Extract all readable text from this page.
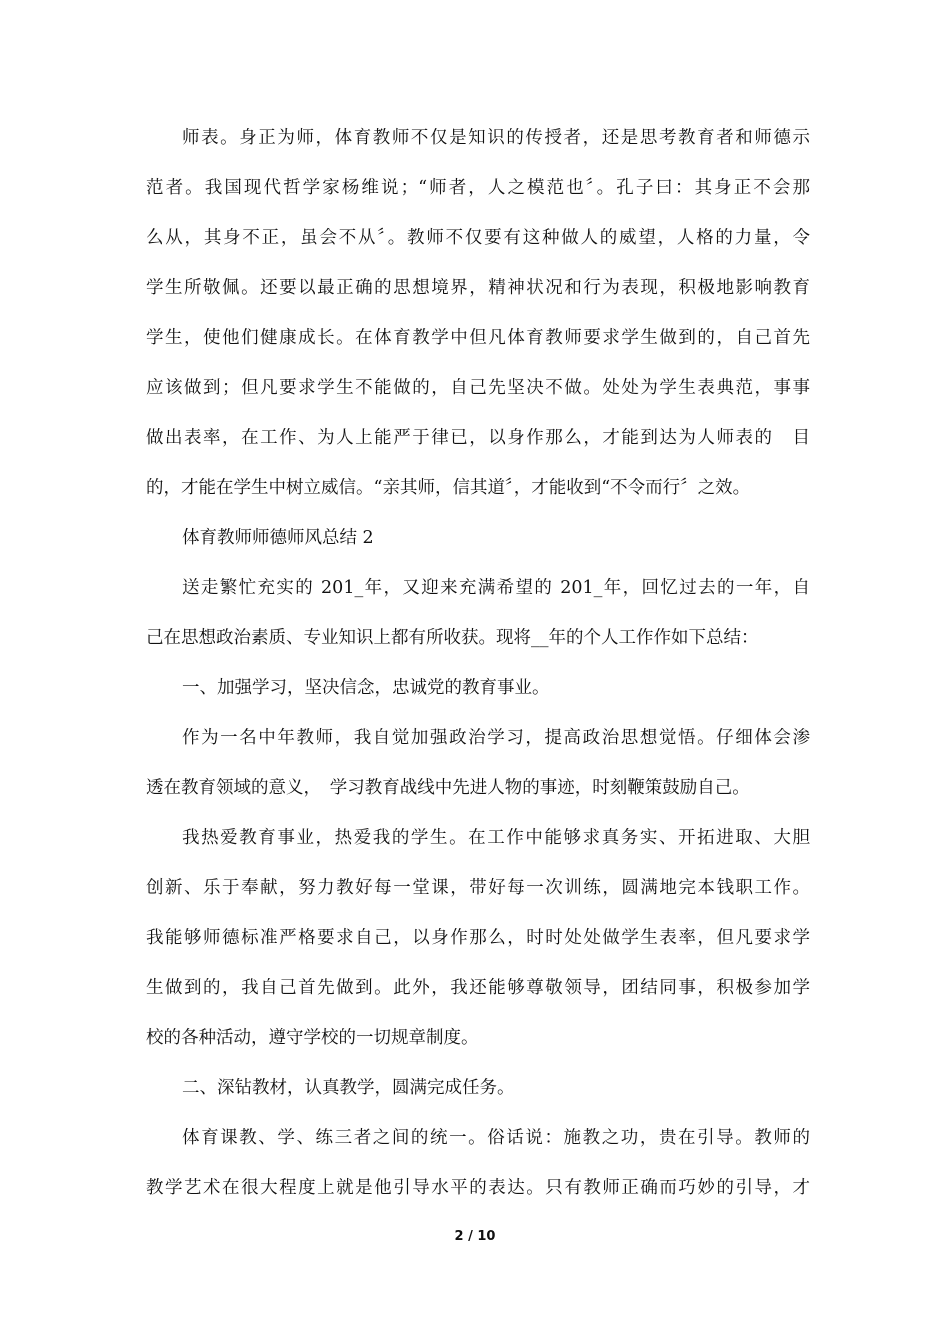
师表。身正为师，体育教师不仅是知识的传授者，还是思考教育者和师德示
范者。我国现代哲学家杨维说；“师者，人之模范也〞。孔子曰：其身正不会那
么从，其身不正，虽会不从〞。教师不仅要有这种做人的威望，人格的力量，令
学生所敬佩。还要以最正确的思想境界，精神状况和行为表现，积极地影响教育
学生，使他们健康成长。在体育教学中但凡体育教师要求学生做到的，自己首先
应该做到；但凡要求学生不能做的，自己先坚决不做。处处为学生表典范，事事
做出表率，在工作、为人上能严于律已，以身作那么，才能到达为人师表的　目
的，才能在学生中树立威信。“亲其师，信其道〞，才能收到“不令而行〞之效。
体育教师师德师风总结 2
送走繁忙充实的 201_年，又迎来充满希望的 201_年，回忆过去的一年，自
己在思想政治素质、专业知识上都有所收获。现将__年的个人工作作如下总结：
一、加强学习，坚决信念，忠诚党的教育事业。
作为一名中年教师，我自觉加强政治学习，提高政治思想觉悟。仔细体会渗
透在教育领域的意义，　学习教育战线中先进人物的事迹，时刻鞭策鼓励自己。
我热爱教育事业，热爱我的学生。在工作中能够求真务实、开拓进取、大胆
创新、乐于奉献，努力教好每一堂课，带好每一次训练，圆满地完本钱职工作。
我能够师德标准严格要求自己，以身作那么，时时处处做学生表率，但凡要求学
生做到的，我自己首先做到。此外，我还能够尊敬领导，团结同事，积极参加学
校的各种活动，遵守学校的一切规章制度。
二、深钻教材，认真教学，圆满完成任务。
体育课教、学、练三者之间的统一。俗话说：施教之功，贵在引导。教师的
教学艺术在很大程度上就是他引导水平的表达。只有教师正确而巧妙的引导，才
2 / 10
